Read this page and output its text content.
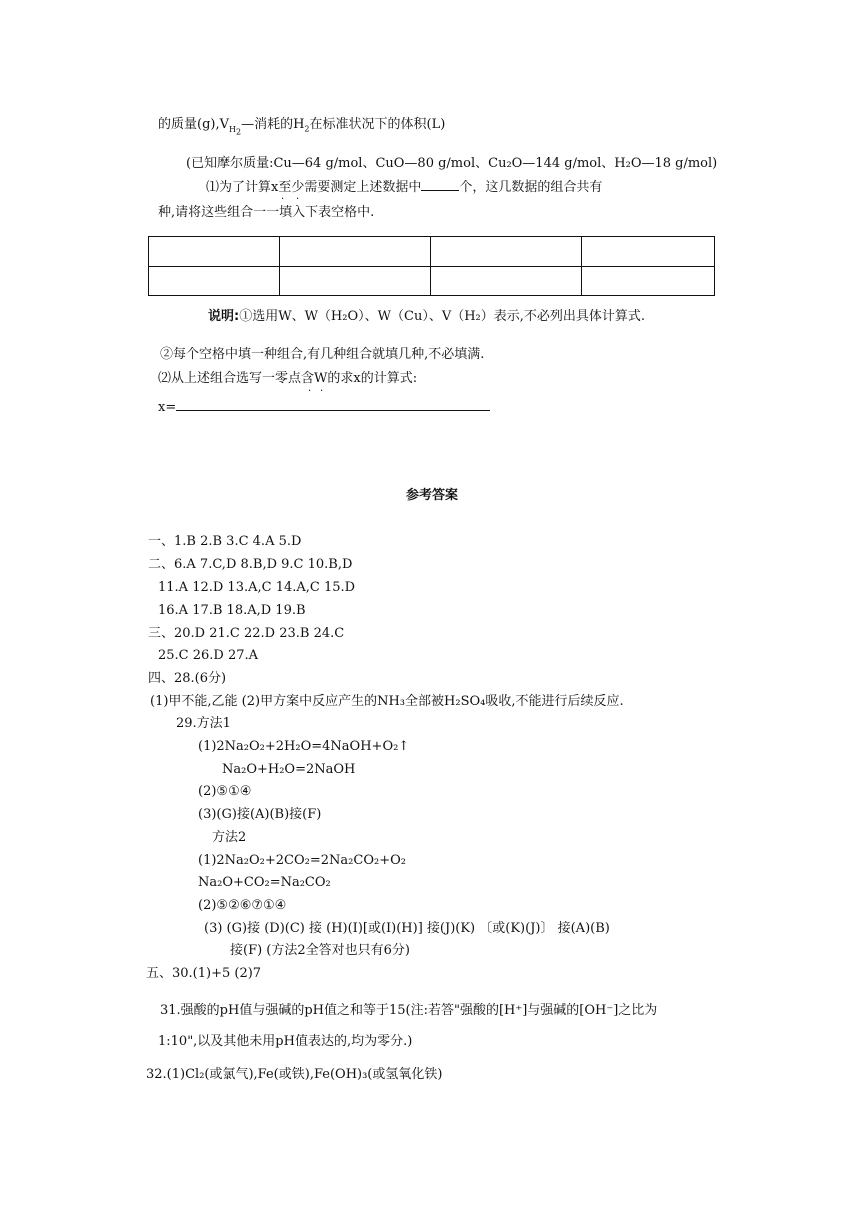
的质量$(g),V_{H_2}—$消耗的$H_2$在标准状况下的体积(L)
(已知摩尔质量:Cu—64 g/mol、CuO—80 g/mol、Cu₂O—144 g/mol、H₂O—18 g/mol)
⑴为了计算x至少需要测定上述数据中	个，这几数据的组合共有
· ·
种,请将这些组合一一填入下表空格中.

说明:①选用W、W（H₂O）、W（Cu）、V（H₂）表示,不必列出具体计算式.
②每个空格中填一种组合,有几种组合就填几种,不必填满.
⑵从上述组合选写一零点含W的求x的计算式:
· ·
x=
参考答案
一、1.B 2.B 3.C 4.A 5.D
二、6.A 7.C,D 8.B,D 9.C 10.B,D
11.A 12.D 13.A,C 14.A,C 15.D
16.A 17.B 18.A,D 19.B
三、20.D 21.C 22.D 23.B 24.C
25.C 26.D 27.A
四、28.(6分)
(1)甲不能,乙能 (2)甲方案中反应产生的NH₃全部被H₂SO₄吸收,不能进行后续反应.
29.方法1
(1)2Na₂O₂+2H₂O=4NaOH+O₂↑
Na₂O+H₂O=2NaOH
(2)⑤①④
(3)(G)接(A)(B)接(F)
方法2
(1)2Na₂O₂+2CO₂=2Na₂CO₂+O₂
Na₂O+CO₂=Na₂CO₂
(2)⑤②⑥⑦①④
(3) (G)接 (D)(C) 接 (H)(I)[或(I)(H)] 接(J)(K) 〔或(K)(J)〕 接(A)(B)
接(F) (方法2全答对也只有6分)
五、30.(1)+5 (2)7
31.强酸的pH值与强碱的pH值之和等于15(注:若答"强酸的[H⁺]与强碱的[OH⁻]之比为
1:10",以及其他未用pH值表达的,均为零分.)
32.(1)Cl₂(或氯气),Fe(或铁),Fe(OH)₃(或氢氧化铁)
